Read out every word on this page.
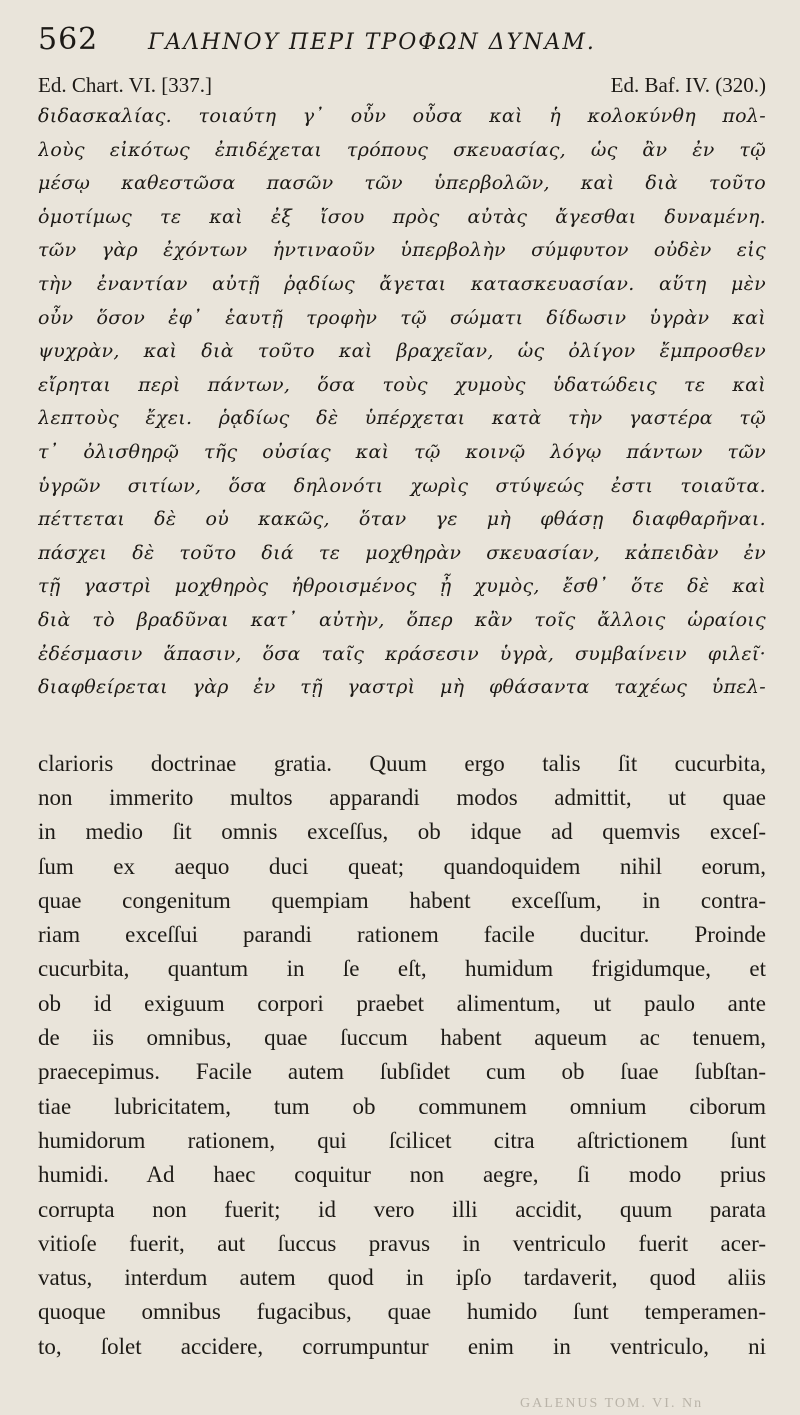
562	ΓΑΛΗΝΟΥ ΠΕΡΙ ΤΡΟΦΩΝ ΔΥΝΑΜ.
Ed. Chart. VI. [337.]	Ed. Baf. IV. (320.)
διδασκαλίας. τοιαύτη γ᾽ οὖν οὖσα καὶ ἡ κολοκύνθη πολ-
λοὺς εἰκότως ἐπιδέχεται τρόπους σκευασίας, ὡς ἂν ἐν τῷ
μέσῳ καθεστῶσα πασῶν τῶν ὑπερβολῶν, καὶ διὰ τοῦτο
ὁμοτίμως τε καὶ ἐξ ἴσου πρὸς αὐτὰς ἄγεσθαι δυναμένη.
τῶν γὰρ ἐχόντων ἡντιναοῦν ὑπερβολὴν σύμφυτον οὐδὲν εἰς
τὴν ἐναντίαν αὐτῇ ῥᾳδίως ἄγεται κατασκευασίαν. αὕτη μὲν
οὖν ὅσον ἐφ᾽ ἑαυτῇ τροφὴν τῷ σώματι δίδωσιν ὑγρὰν καὶ
ψυχρὰν, καὶ διὰ τοῦτο καὶ βραχεῖαν, ὡς ὀλίγον ἔμπροσθεν
εἴρηται περὶ πάντων, ὅσα τοὺς χυμοὺς ὑδατώδεις τε καὶ
λεπτοὺς ἔχει. ῥᾳδίως δὲ ὑπέρχεται κατὰ τὴν γαστέρα τῷ
τ᾽ ὀλισθηρῷ τῆς οὐσίας καὶ τῷ κοινῷ λόγῳ πάντων τῶν
ὑγρῶν σιτίων, ὅσα δηλονότι χωρὶς στύψεώς ἐστι τοιαῦτα.
πέττεται δὲ οὐ κακῶς, ὅταν γε μὴ φθάσῃ διαφθαρῆναι.
πάσχει δὲ τοῦτο διά τε μοχθηρὰν σκευασίαν, κἀπειδὰν ἐν
τῇ γαστρὶ μοχθηρὸς ἠθροισμένος ᾖ χυμὸς, ἔσθ᾽ ὅτε δὲ καὶ
διὰ τὸ βραδῦναι κατ᾽ αὐτὴν, ὅπερ κἂν τοῖς ἄλλοις ὡραίοις
ἐδέσμασιν ἅπασιν, ὅσα ταῖς κράσεσιν ὑγρὰ, συμβαίνειν φιλεῖ·
διαφθείρεται γὰρ ἐν τῇ γαστρὶ μὴ φθάσαντα ταχέως ὑπελ-
clarioris doctrinae gratia. Quum ergo talis ſit cucurbita,
non immerito multos apparandi modos admittit, ut quae
in medio ſit omnis exceſſus, ob idque ad quemvis exceſ-
ſum ex aequo duci queat; quandoquidem nihil eorum,
quae congenitum quempiam habent exceſſum, in contra-
riam exceſſui parandi rationem facile ducitur. Proinde
cucurbita, quantum in ſe eſt, humidum frigidumque, et
ob id exiguum corpori praebet alimentum, ut paulo ante
de iis omnibus, quae ſuccum habent aqueum ac tenuem,
praecepimus. Facile autem ſubſidet cum ob ſuae ſubſtan-
tiae lubricitatem, tum ob communem omnium ciborum
humidorum rationem, qui ſcilicet citra aſtrictionem ſunt
humidi. Ad haec coquitur non aegre, ſi modo prius
corrupta non fuerit; id vero illi accidit, quum parata
vitioſe fuerit, aut ſuccus pravus in ventriculo fuerit acer-
vatus, interdum autem quod in ipſo tardaverit, quod aliis
quoque omnibus fugacibus, quae humido ſunt temperamen-
to, ſolet accidere, corrumpuntur enim in ventriculo, ni
GALENUS TOM. VI. Nn
